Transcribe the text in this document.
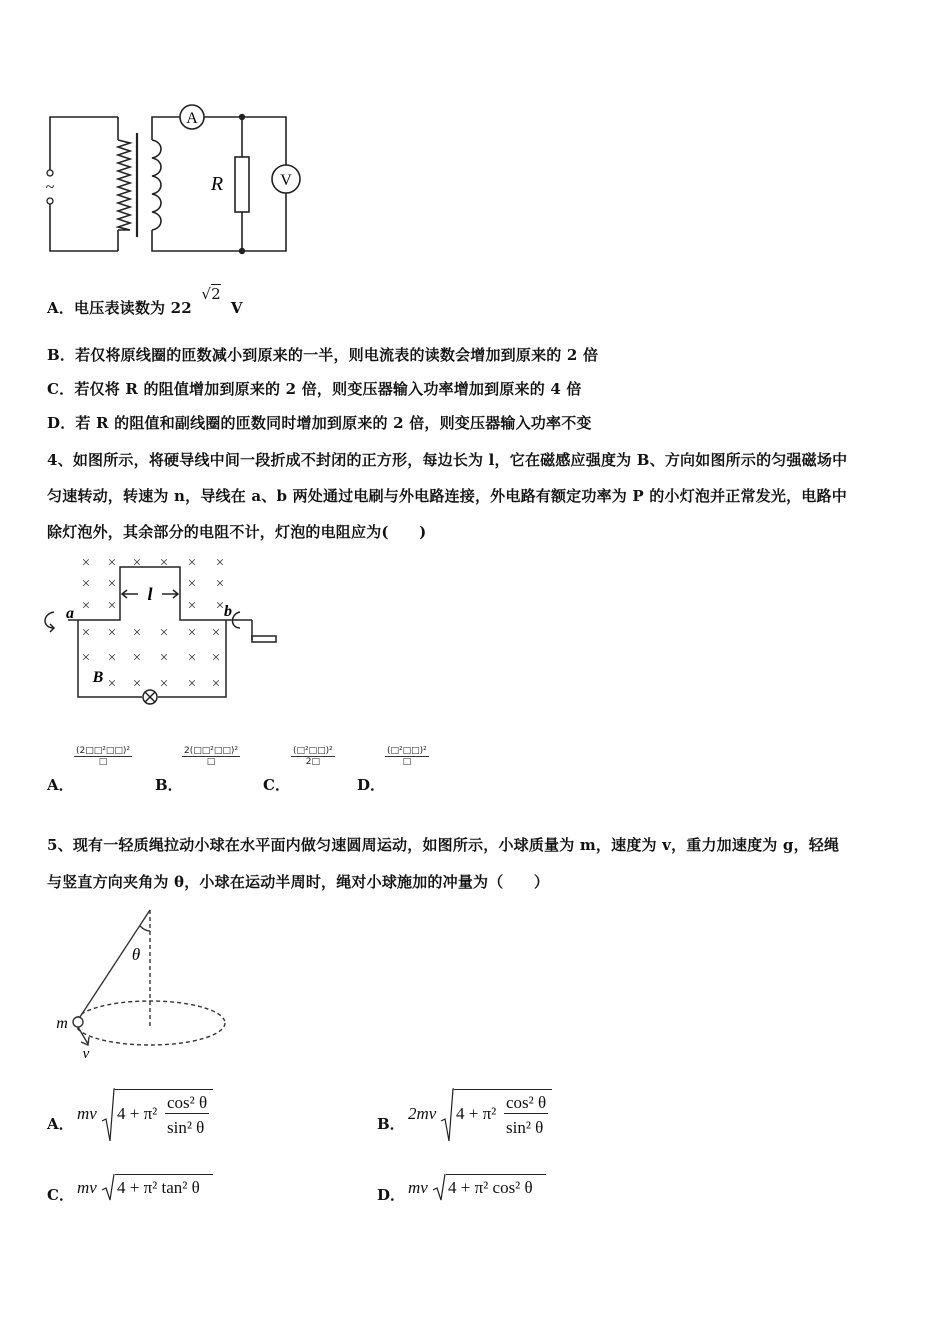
~
A
V
R
A．电压表读数为 22
√2
V
B．若仅将原线圈的匝数减小到原来的一半，则电流表的读数会增加到原来的 2 倍
C．若仅将 R 的阻值增加到原来的 2 倍，则变压器输入功率增加到原来的 4 倍
D．若 R 的阻值和副线圈的匝数同时增加到原来的 2 倍，则变压器输入功率不变
4、如图所示，将硬导线中间一段折成不封闭的正方形，每边长为 l，它在磁感应强度为 B、方向如图所示的匀强磁场中
匀速转动，转速为 n，导线在 a、b 两处通过电刷与外电路连接，外电路有额定功率为 P 的小灯泡并正常发光，电路中
除灯泡外，其余部分的电阻不计，灯泡的电阻应为(　　)
× × × × × ×
× ×	× ×
× ×	× ×
× × × × × ×
× × × × × ×
× × × × ×
a	b
l
B
A．
(2□□²□□)²
□
B．
2(□□²□□)²
□
C．
(□²□□)²
2□
D．
(□²□□)²
□
5、现有一轻质绳拉动小球在水平面内做匀速圆周运动，如图所示，小球质量为 m，速度为 v，重力加速度为 g，轻绳
与竖直方向夹角为 θ，小球在运动半周时，绳对小球施加的冲量为（　　）
θ
m
v
A．
mv 4 + π²
cos² θ
sin² θ	B．
2mv 4 + π²
cos² θ
sin² θ
C． mv 4 + π² tan² θ	D． mv 4 + π² cos² θ
